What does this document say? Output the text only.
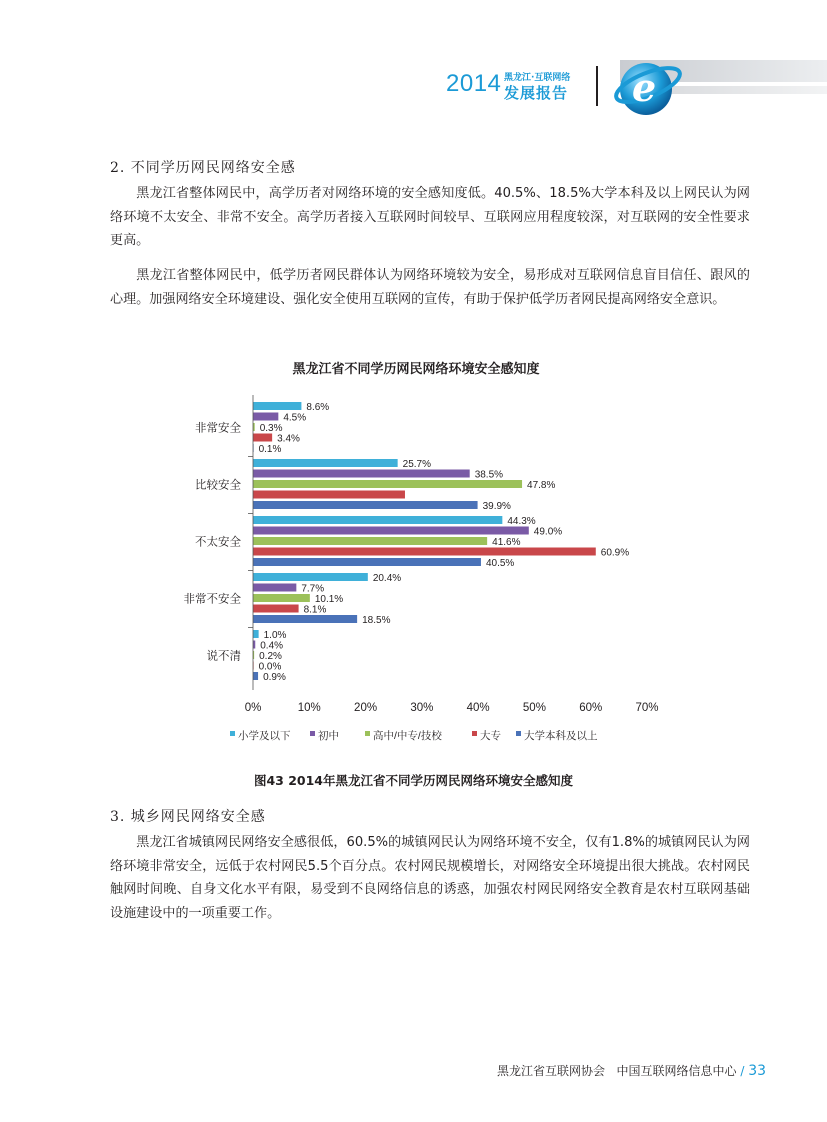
2014 黑龙江·互联网络
发展报告 e
2. 不同学历网民网络安全感

黑龙江省整体网民中，高学历者对网络环境的安全感知度低。40.5%、18.5%大学本科及以上网民认为网络环境不太安全、非常不安全。高学历者接入互联网时间较早、互联网应用程度较深，对互联网的安全性要求更高。

黑龙江省整体网民中，低学历者网民群体认为网络环境较为安全，易形成对互联网信息盲目信任、跟风的心理。加强网络安全环境建设、强化安全使用互联网的宣传，有助于保护低学历者网民提高网络安全意识。

黑龙江省不同学历网民网络环境安全感知度
非常安全
8.6%
4.5%
0.3%
3.4%
0.1%
比较安全
25.7%
38.5%
47.8%
39.9%
不太安全
44.3%
49.0%
41.6%
60.9%
40.5%
非常不安全
20.4%
7.7%
10.1%
8.1%
18.5%
说不清
1.0%
0.4%
0.2%
0.0%
0.9%
0%	10%	20%	30%	40%	50%	60%	70%
小学及以下	初中	高中/中专/技校	大专 大学本科及以上
图43 2014年黑龙江省不同学历网民网络环境安全感知度
3. 城乡网民网络安全感

黑龙江省城镇网民网络安全感很低，60.5%的城镇网民认为网络环境不安全，仅有1.8%的城镇网民认为网络环境非常安全，远低于农村网民5.5个百分点。农村网民规模增长，对网络安全环境提出很大挑战。农村网民触网时间晚、自身文化水平有限，易受到不良网络信息的诱惑，加强农村网民网络安全教育是农村互联网基础设施建设中的一项重要工作。

黑龙江省互联网协会 中国互联网络信息中心 / 33
